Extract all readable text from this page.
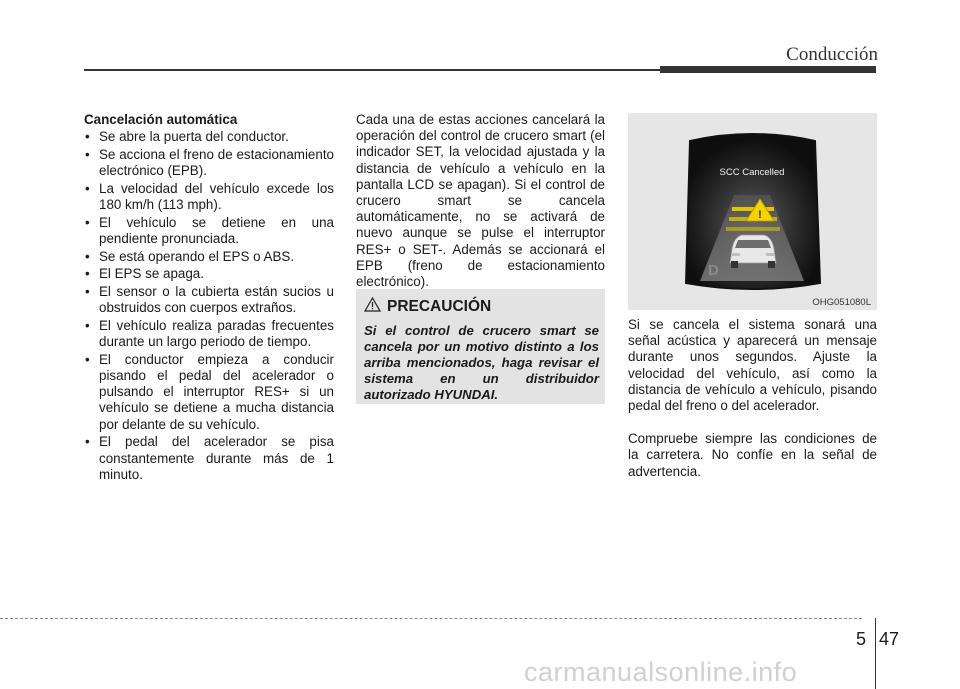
Conducción
Cancelación automática
• Se abre la puerta del conductor.
• Se acciona el freno de estacionamiento electrónico (EPB).
• La velocidad del vehículo excede los 180 km/h (113 mph).
• El vehículo se detiene en una pendiente pronunciada.
• Se está operando el EPS o ABS.
• El EPS se apaga.
• El sensor o la cubierta están sucios u obstruidos con cuerpos extraños.
• El vehículo realiza paradas frecuentes durante un largo periodo de tiempo.
• El conductor empieza a conducir pisando el pedal del acelerador o pulsando el interruptor RES+ si un vehículo se detiene a mucha distancia por delante de su vehículo.
• El pedal del acelerador se pisa constantemente durante más de 1 minuto.

Cada una de estas acciones cancelará la operación del control de crucero smart (el indicador SET, la velocidad ajustada y la distancia de vehículo a vehículo en la pantalla LCD se apagan). Si el control de crucero smart se cancela automáticamente, no se activará de nuevo aunque se pulse el interruptor RES+ o SET-. Además se accionará el EPB (freno de estacionamiento electrónico).

PRECAUCIÓN
Si el control de crucero smart se cancela por un motivo distinto a los arriba mencionados, haga revisar el sistema en un distribuidor autorizado HYUNDAI.

Si se cancela el sistema sonará una señal acústica y aparecerá un mensaje durante unos segundos. Ajuste la velocidad del vehículo, así como la distancia de vehículo a vehículo, pisando pedal del freno o del acelerador.

Compruebe siempre las condiciones de la carretera. No confíe en la señal de advertencia.

SCC Cancelled
!
D
OHG051080L
5 47
carmanualsonline.info
